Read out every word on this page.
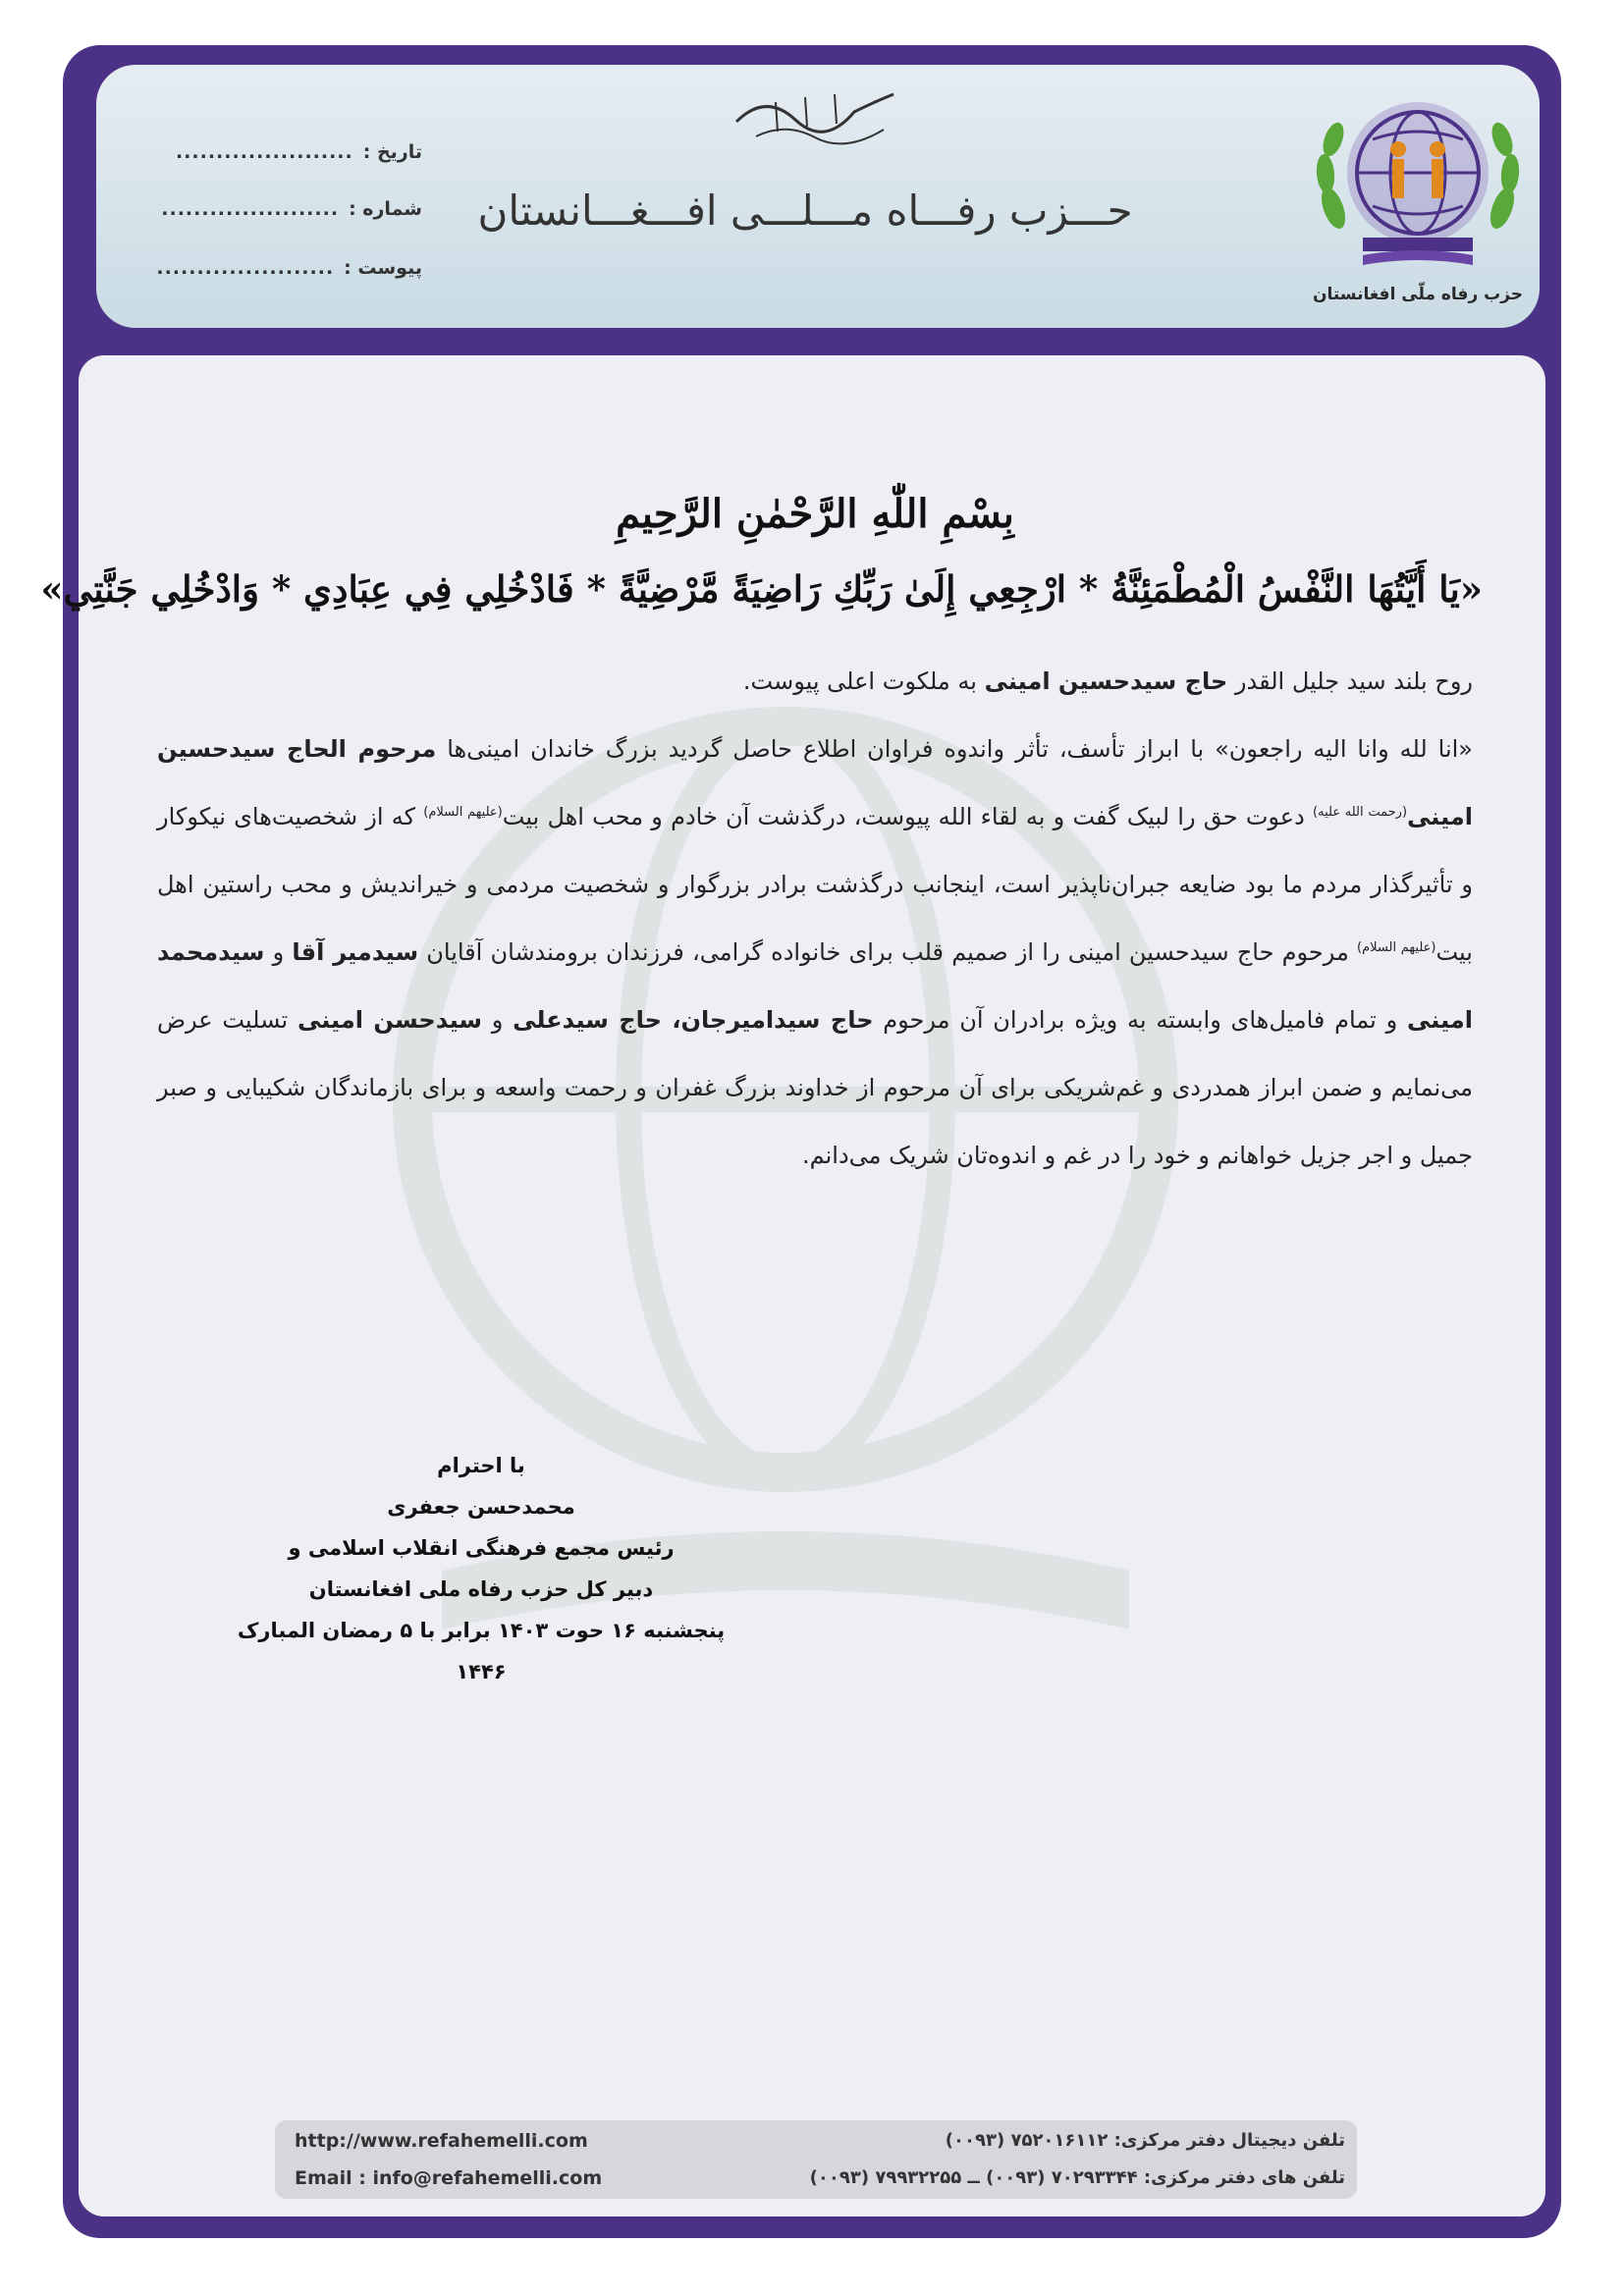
حزب رفاه ملّی افغانستان
حـــزب رفـــاه مـــلـــی افـــغـــانستان
تاریخ :
......................
شماره :
......................
پیوست :
......................
بِسْمِ اللّٰهِ الرَّحْمٰنِ الرَّحِيمِ
«يَا أَيَّتُهَا النَّفْسُ الْمُطْمَئِنَّةُ * ارْجِعِي إِلَىٰ رَبِّكِ رَاضِيَةً مَّرْضِيَّةً * فَادْخُلِي فِي عِبَادِي * وَادْخُلِي جَنَّتِي»

روح بلند سید جلیل القدر حاج سیدحسین امینی به ملکوت اعلی پیوست.

«انا لله وانا الیه راجعون» با ابراز تأسف، تأثر واندوه فراوان اطلاع حاصل گردید بزرگ خاندان امینی‌ها مرحوم الحاج سیدحسین امینی$^{(رحمت الله علیه)}$ دعوت حق را لبیک گفت و به لقاء الله پیوست، درگذشت آن خادم و محب اهل بیت$^{(علیهم السلام)}$ که از شخصیت‌های نیکوکار و تأثیرگذار مردم ما بود ضایعه جبران‌ناپذیر است، اینجانب درگذشت برادر بزرگوار و شخصیت مردمی و خیراندیش و محب راستین اهل بیت$^{(علیهم السلام)}$ مرحوم حاج سیدحسین امینی را از صمیم قلب برای خانواده گرامی، فرزندان برومندشان آقایان سیدمیر آقا و سیدمحمد امینی و تمام فامیل‌های وابسته به ویژه برادران آن مرحوم حاج سیدامیرجان، حاج سیدعلی و سیدحسن امینی تسلیت عرض می‌نمایم و ضمن ابراز همدردی و غم‌شریکی برای آن مرحوم از خداوند بزرگ غفران و رحمت واسعه و برای بازماندگان شکیبایی و صبر جمیل و اجر جزیل خواهانم و خود را در غم و اندوه‌تان شریک می‌دانم.

با احترام
محمدحسن جعفری
رئیس مجمع فرهنگی انقلاب اسلامی و
دبیر کل حزب رفاه ملی افغانستان
پنجشنبه ۱۶ حوت ۱۴۰۳ برابر با ۵ رمضان المبارک ۱۴۴۶
http://www.refahemelli.com
Email : info@refahemelli.com
تلفن دیجیتال دفتر مرکزی: ۷۵۲۰۱۶۱۱۲ (۰۰۹۳)
تلفن های دفتر مرکزی: ۷۰۲۹۳۳۴۴ (۰۰۹۳) ــ ۷۹۹۳۲۲۵۵ (۰۰۹۳)
